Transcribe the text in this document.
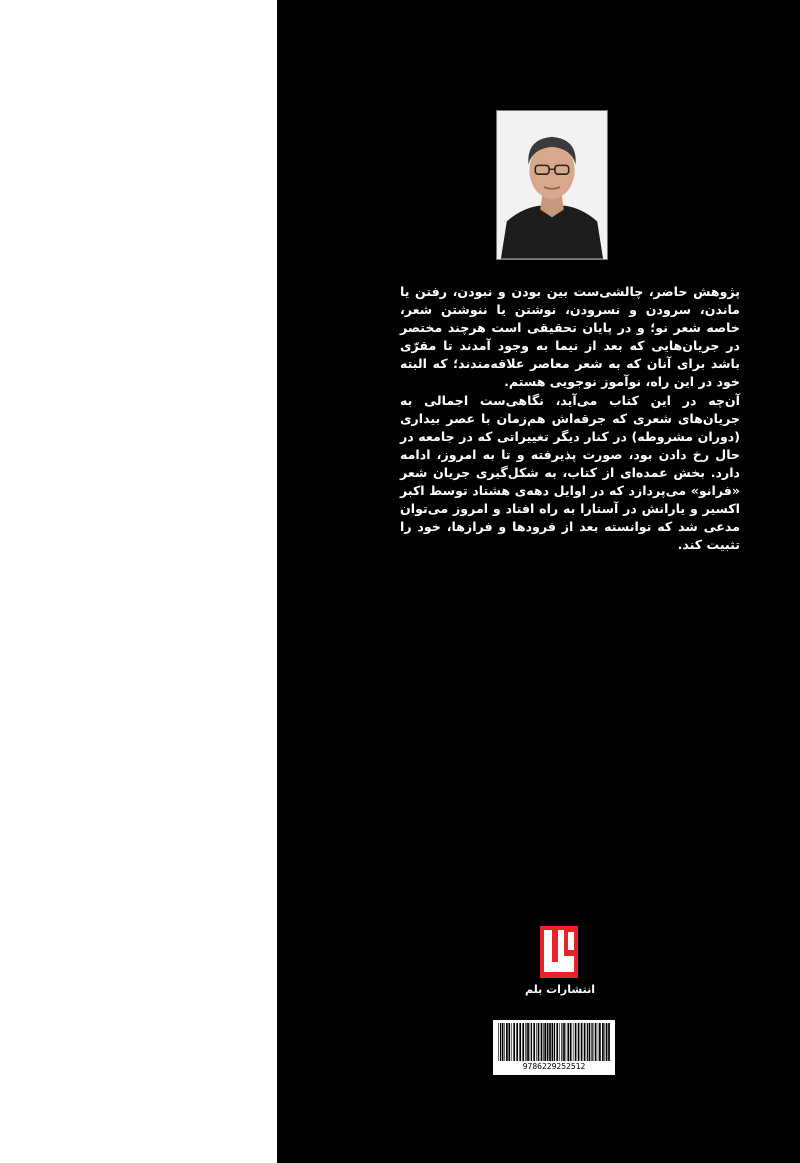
پژوهش حاضر، چالشی‌ست بین بودن و نبودن، رفتن یا ماندن، سرودن و نسرودن، نوشتن یا ننوشتن شعر، خاصه شعر نو؛ و در پایان تحقیقی است هرچند مختصر در جریان‌هایی که بعد از نیما به وجود آمدند تا مقرّی باشد برای آنان که به شعر معاصر علاقه‌مندند؛ که البته خود در این راه، نوآموز نوجویی هستم.

آن‌چه در این کتاب می‌آید، نگاهی‌ست اجمالی به جریان‌های شعری که جرقه‌اش هم‌زمان با عصر بیداری (دوران مشروطه) در کنار دیگر تغییراتی که در جامعه در حال رخ دادن بود، صورت پذیرفته و تا به امروز، ادامه دارد. بخش عمده‌ای از کتاب، به شکل‌گیری جریان شعر «فرانو» می‌پردازد که در اوایل دهه‌ی هشتاد توسط اکبر اکسیر و یارانش در آستارا به راه افتاد و امروز می‌توان مدعی شد که توانسته بعد از فرودها و فرازها، خود را تثبیت کند.

انتشارات بلم
9786229252512
